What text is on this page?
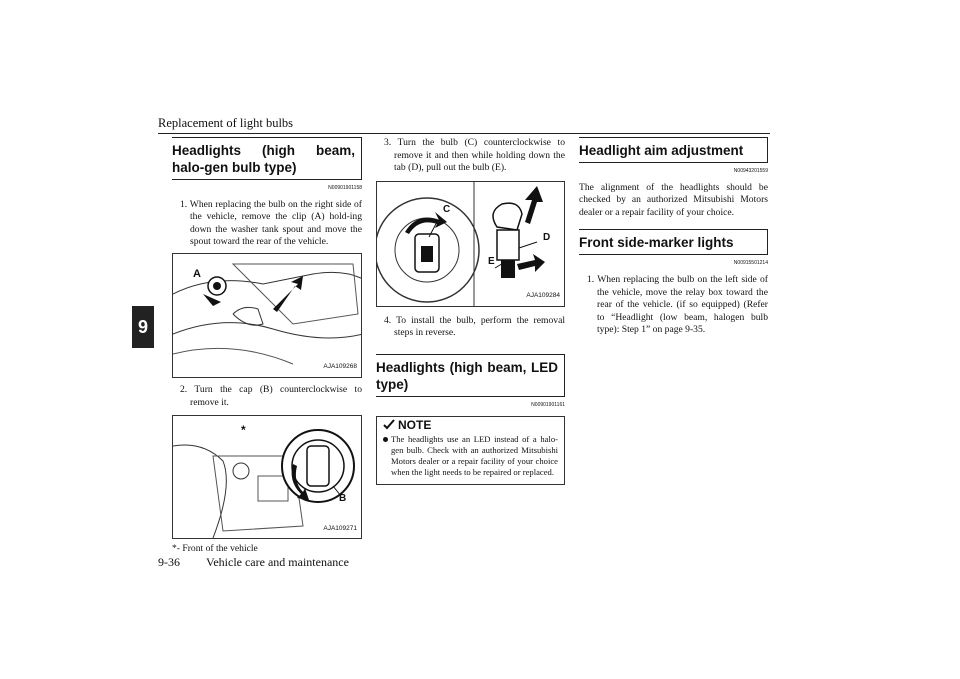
Replacement of light bulbs
9
Headlights (high beam, halo-gen bulb type)
N00901901158
1. When replacing the bulb on the right side of the vehicle, remove the clip (A) hold-ing down the washer tank spout and move the spout toward the rear of the vehicle.
A
AJA109268
2. Turn the cap (B) counterclockwise to remove it.
*
B
AJA109271
*- Front of the vehicle
3. Turn the bulb (C) counterclockwise to remove it and then while holding down the tab (D), pull out the bulb (E).
C
D
E
AJA109284
4. To install the bulb, perform the removal steps in reverse.
Headlights (high beam, LED type)
N00901901161
NOTE
The headlights use an LED instead of a halo-gen bulb. Check with an authorized Mitsubishi Motors dealer or a repair facility of your choice when the light needs to be repaired or replaced.
Headlight aim adjustment
N00943201559
The alignment of the headlights should be checked by an authorized Mitsubishi Motors dealer or a repair facility of your choice.
Front side-marker lights
N00915501214
1. When replacing the bulb on the left side of the vehicle, move the relay box toward the rear of the vehicle. (if so equipped) (Refer to “Headlight (low beam, halogen bulb type): Step 1” on page 9-35.
9-36 Vehicle care and maintenance
